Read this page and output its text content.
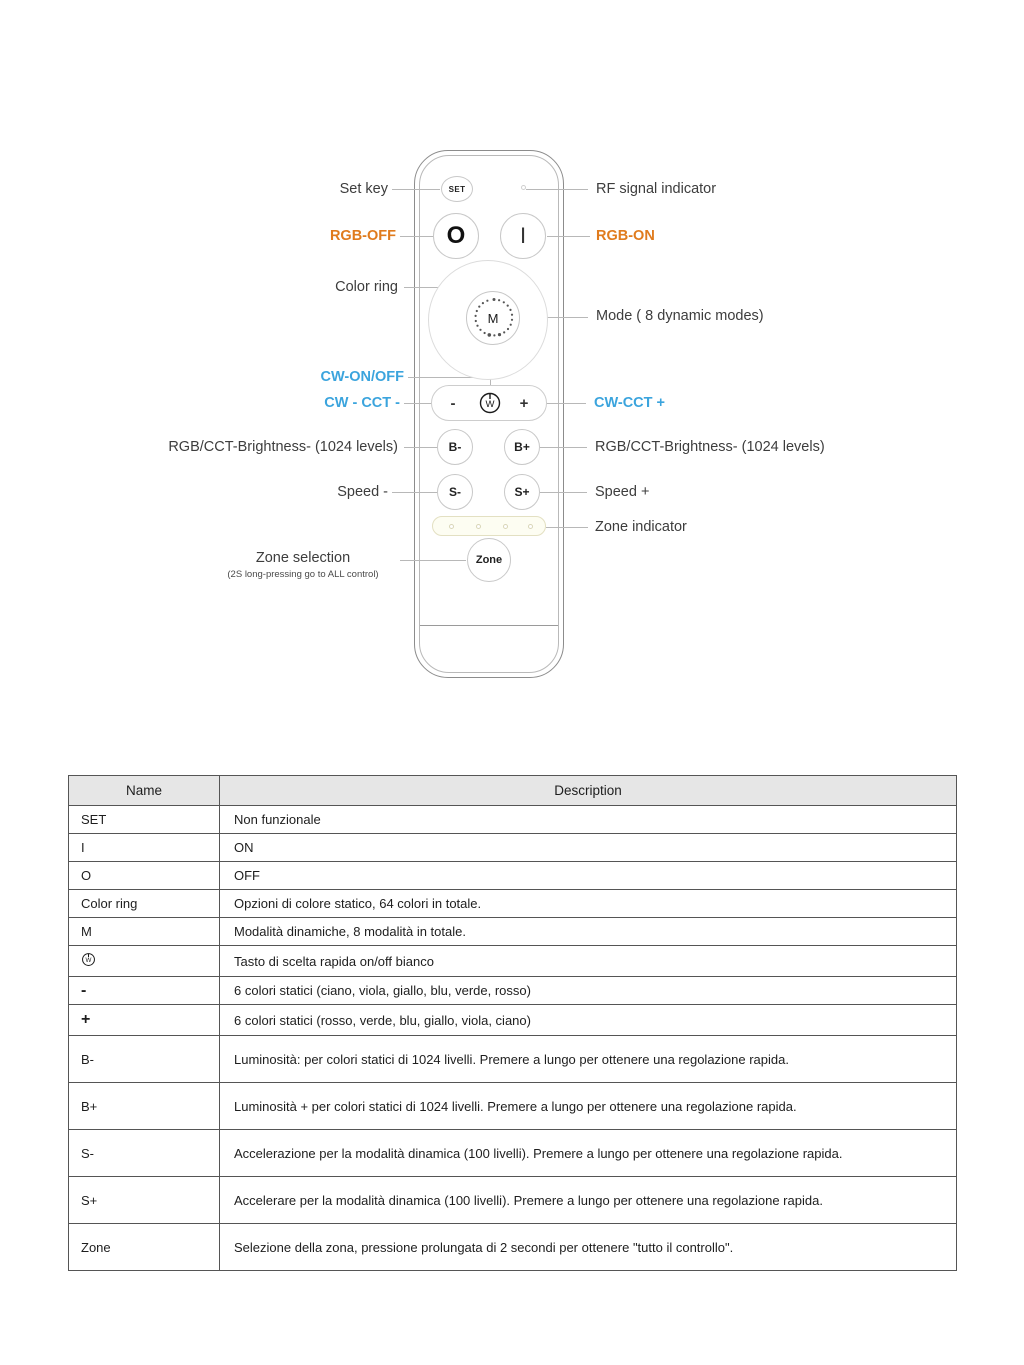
SET
O I
M
-	+
W
B-	B+
S-	S+
Zone
Set key	RF signal indicator
RGB-OFF	RGB-ON
Color ring
Mode ( 8 dynamic modes)
CW-ON/OFF
CW - CCT -	CW-CCT +
RGB/CCT-Brightness- (1024 levels)	RGB/CCT-Brightness- (1024 levels)
Speed -	Speed +
Zone indicator
Zone selection
(2S long-pressing go to ALL control)
Name	Description
SET	Non funzionale
I	ON
O	OFF
Color ring	Opzioni di colore statico, 64 colori in totale.
M	Modalità dinamiche, 8 modalità in totale.

W	Tasto di scelta rapida on/off bianco
-	6 colori statici (ciano, viola, giallo, blu, verde, rosso)
+	6 colori statici (rosso, verde, blu, giallo, viola, ciano)
B-	Luminosità: per colori statici di 1024 livelli. Premere a lungo per ottenere una regolazione rapida.
B+	Luminosità + per colori statici di 1024 livelli. Premere a lungo per ottenere una regolazione rapida.
S-	Accelerazione per la modalità dinamica (100 livelli). Premere a lungo per ottenere una regolazione rapida.
S+	Accelerare per la modalità dinamica (100 livelli). Premere a lungo per ottenere una regolazione rapida.
Zone	Selezione della zona, pressione prolungata di 2 secondi per ottenere "tutto il controllo".
